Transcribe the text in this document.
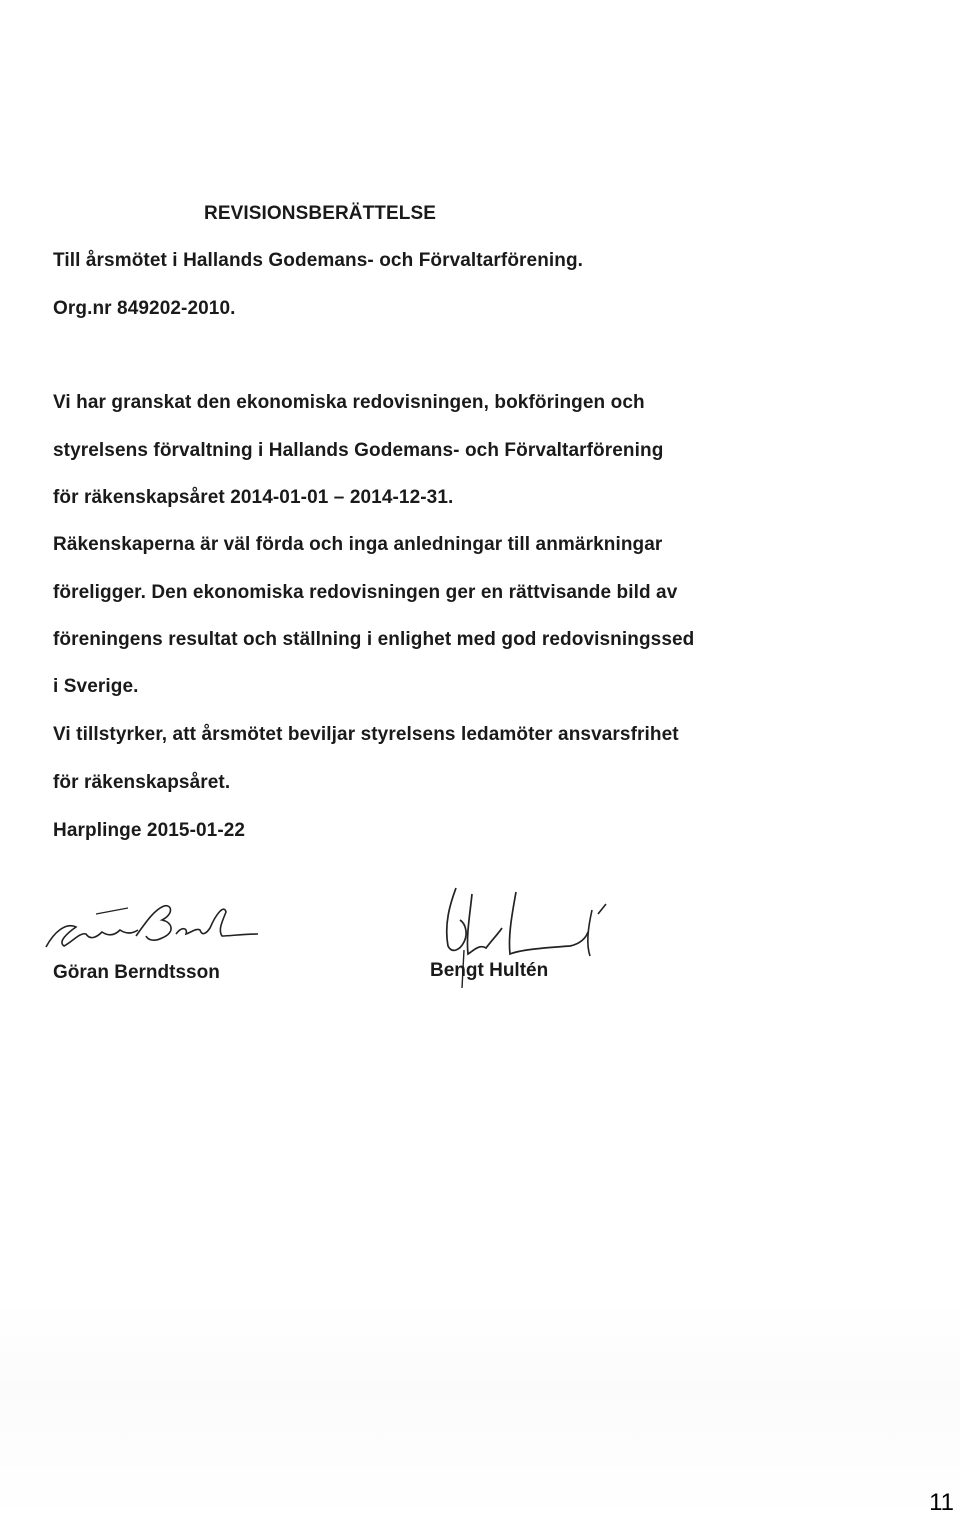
REVISIONSBERÄTTELSE
Till årsmötet i Hallands Godemans- och Förvaltarförening.
Org.nr 849202-2010.
Vi har granskat den ekonomiska redovisningen, bokföringen och
styrelsens förvaltning i Hallands Godemans- och Förvaltarförening
för räkenskapsåret 2014-01-01 – 2014-12-31.
Räkenskaperna är väl förda och inga anledningar till anmärkningar
föreligger. Den ekonomiska redovisningen ger en rättvisande bild av
föreningens resultat och ställning i enlighet med god redovisningssed
i Sverige.
Vi tillstyrker, att årsmötet beviljar styrelsens ledamöter ansvarsfrihet
för räkenskapsåret.
Harplinge 2015-01-22
Göran Berndtsson	Bengt Hultén
11
